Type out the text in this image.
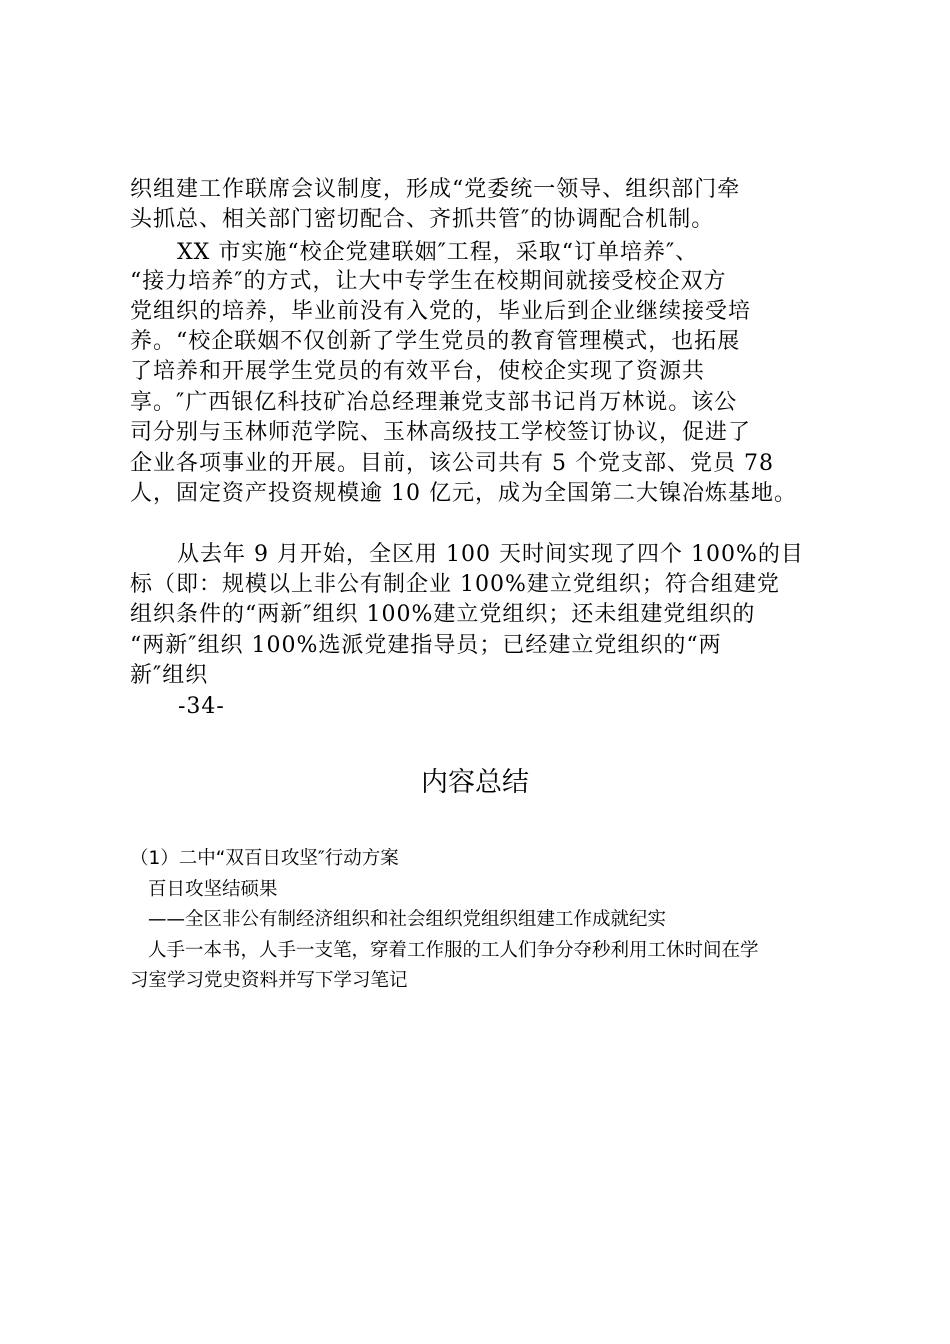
织组建工作联席会议制度，形成“党委统一领导、组织部门牵
头抓总、相关部门密切配合、齐抓共管″的协调配合机制。
XX 市实施“校企党建联姻″工程，采取“订单培养″、
“接力培养″的方式，让大中专学生在校期间就接受校企双方
党组织的培养，毕业前没有入党的，毕业后到企业继续接受培
养。“校企联姻不仅创新了学生党员的教育管理模式，也拓展
了培养和开展学生党员的有效平台，使校企实现了资源共
享。″广西银亿科技矿冶总经理兼党支部书记肖万林说。该公
司分别与玉林师范学院、玉林高级技工学校签订协议，促进了
企业各项事业的开展。目前，该公司共有 5 个党支部、党员 78
人，固定资产投资规模逾 10 亿元，成为全国第二大镍冶炼基地。
从去年 9 月开始，全区用 100 天时间实现了四个 100%的目
标（即：规模以上非公有制企业 100%建立党组织；符合组建党
组织条件的“两新″组织 100%建立党组织；还未组建党组织的
“两新″组织 100%选派党建指导员；已经建立党组织的“两
新″组织
-34-
内容总结
（1）二中“双百日攻坚″行动方案
百日攻坚结硕果
——全区非公有制经济组织和社会组织党组织组建工作成就纪实
人手一本书，人手一支笔，穿着工作服的工人们争分夺秒利用工休时间在学
习室学习党史资料并写下学习笔记
